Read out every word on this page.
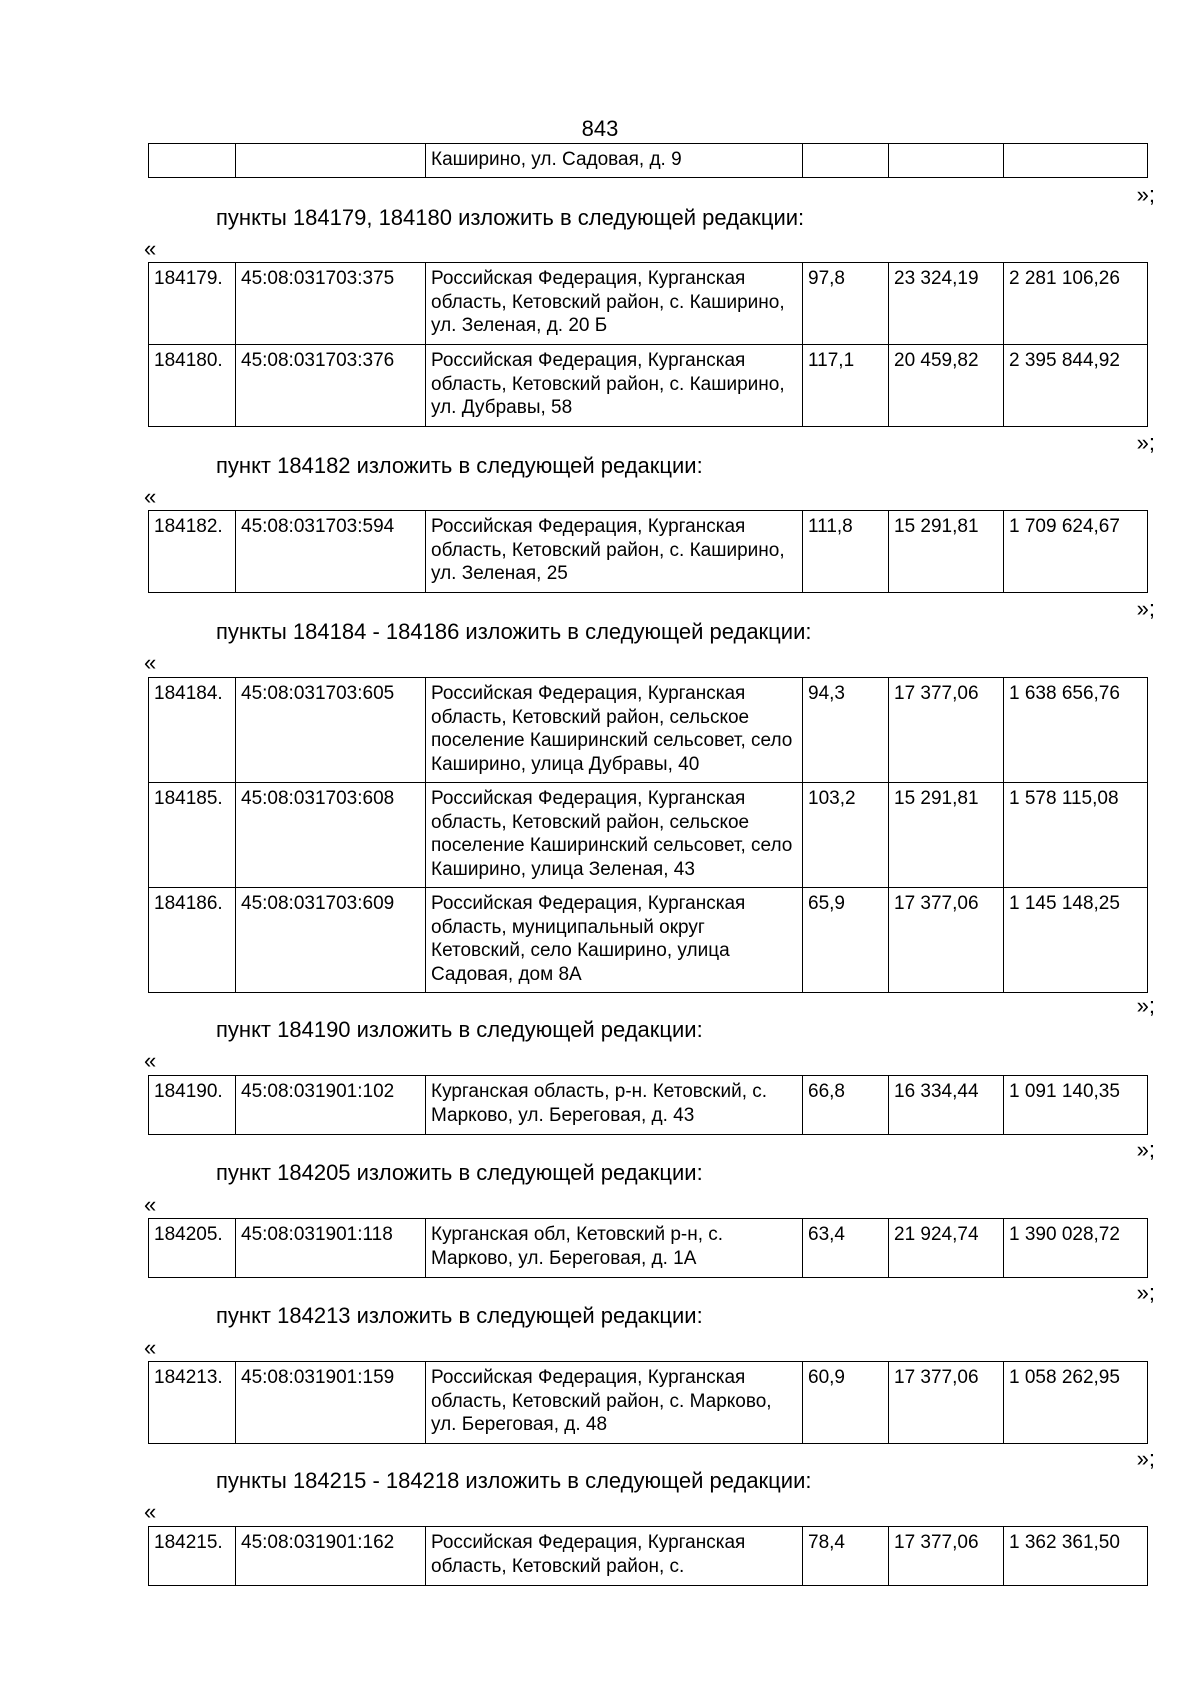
843
»;
		Каширино, ул. Садовая, д. 9			
пункты 184179, 184180 изложить в следующей редакции:
«
»;
184179.	45:08:031703:375	Российская Федерация, Курганская область, Кетовский район, с. Каширино, ул. Зеленая, д. 20 Б	97,8	23 324,19	2 281 106,26
184180.	45:08:031703:376	Российская Федерация, Курганская область, Кетовский район, с. Каширино, ул. Дубравы, 58	117,1	20 459,82	2 395 844,92
пункт 184182 изложить в следующей редакции:
«
»;
184182.	45:08:031703:594	Российская Федерация, Курганская область, Кетовский район, с. Каширино, ул. Зеленая, 25	111,8	15 291,81	1 709 624,67
пункты 184184 - 184186 изложить в следующей редакции:
«
»;
184184.	45:08:031703:605	Российская Федерация, Курганская область, Кетовский район, сельское поселение Каширинский сельсовет, село Каширино, улица Дубравы, 40	94,3	17 377,06	1 638 656,76
184185.	45:08:031703:608	Российская Федерация, Курганская область, Кетовский район, сельское поселение Каширинский сельсовет, село Каширино, улица Зеленая, 43	103,2	15 291,81	1 578 115,08
184186.	45:08:031703:609	Российская Федерация, Курганская область, муниципальный округ Кетовский, село Каширино, улица Садовая, дом 8А	65,9	17 377,06	1 145 148,25
пункт 184190 изложить в следующей редакции:
«
»;
184190.	45:08:031901:102	Курганская область, р-н. Кетовский, с. Марково, ул. Береговая, д. 43	66,8	16 334,44	1 091 140,35
пункт 184205 изложить в следующей редакции:
«
»;
184205.	45:08:031901:118	Курганская обл, Кетовский р-н, с. Марково, ул. Береговая, д. 1А	63,4	21 924,74	1 390 028,72
пункт 184213 изложить в следующей редакции:
«
»;
184213.	45:08:031901:159	Российская Федерация, Курганская область, Кетовский район, с. Марково, ул. Береговая, д. 48	60,9	17 377,06	1 058 262,95
пункты 184215 - 184218 изложить в следующей редакции:
«
184215.	45:08:031901:162	Российская Федерация, Курганская область, Кетовский район, с.	78,4	17 377,06	1 362 361,50
